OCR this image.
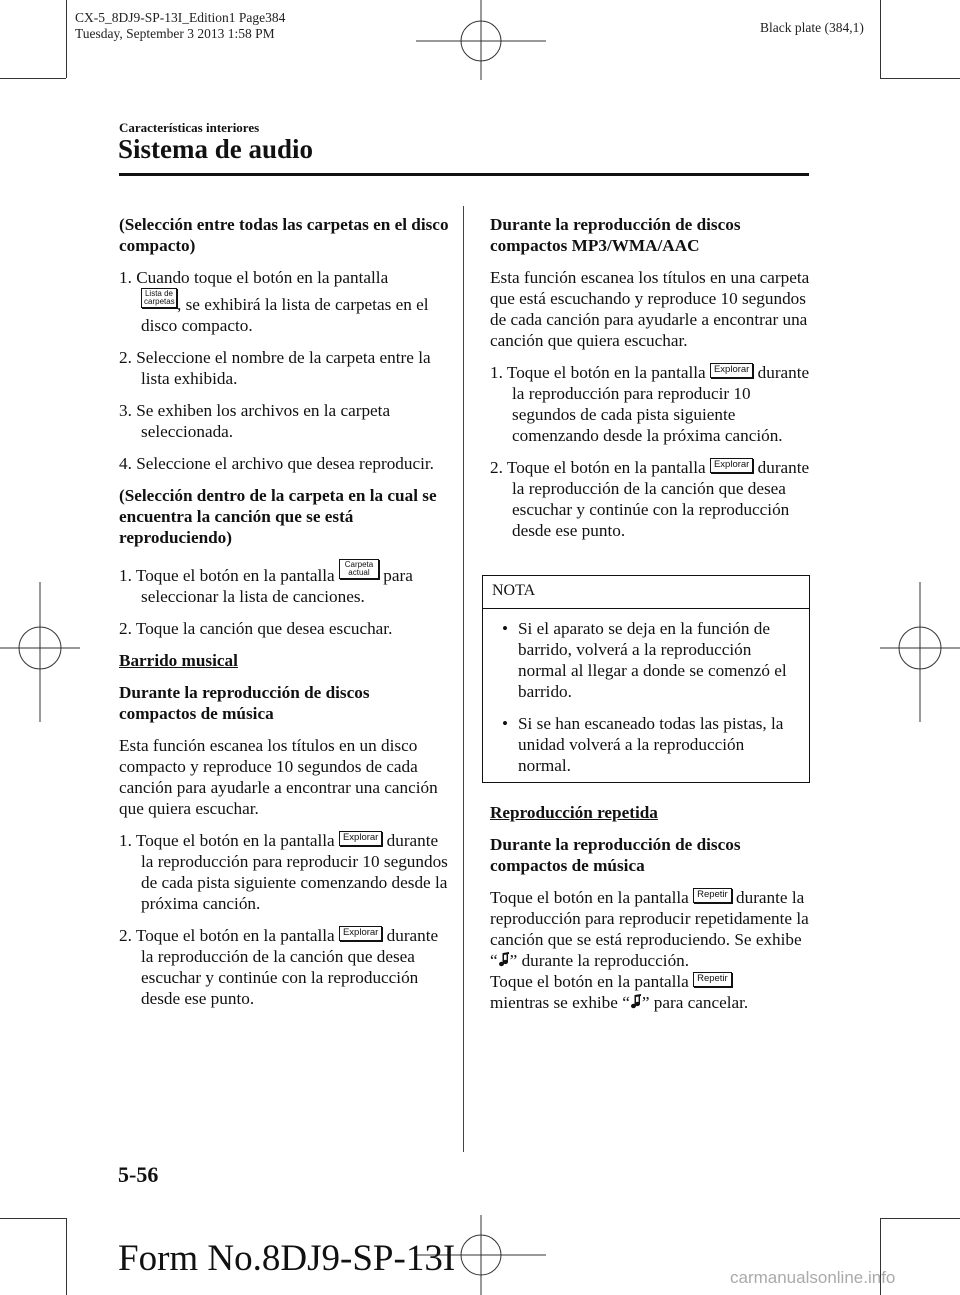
CX-5_8DJ9-SP-13I_Edition1 Page384
Tuesday, September 3 2013 1:58 PM	Black plate (384,1)
Características interiores
Sistema de audio

(Selección entre todas las carpetas en el disco compacto)

1. Cuando toque el botón en la pantalla
Lista de carpetas , se exhibirá la lista de carpetas en el disco compacto.

2. Seleccione el nombre de la carpeta entre la lista exhibida.

3. Se exhiben los archivos en la carpeta seleccionada.

4. Seleccione el archivo que desea reproducir.

(Selección dentro de la carpeta en la cual se encuentra la canción que se está reproduciendo)

1. Toque el botón en la pantalla Carpeta actual para seleccionar la lista de canciones.

2. Toque la canción que desea escuchar.

Barrido musical

Durante la reproducción de discos compactos de música

Esta función escanea los títulos en un disco compacto y reproduce 10 segundos de cada canción para ayudarle a encontrar una canción que quiera escuchar.

1. Toque el botón en la pantalla Explorar durante la reproducción para reproducir 10 segundos de cada pista siguiente comenzando desde la próxima canción.

2. Toque el botón en la pantalla Explorar durante la reproducción de la canción que desea escuchar y continúe con la reproducción desde ese punto.

Durante la reproducción de discos compactos MP3/WMA/AAC

Esta función escanea los títulos en una carpeta que está escuchando y reproduce 10 segundos de cada canción para ayudarle a encontrar una canción que quiera escuchar.

1. Toque el botón en la pantalla Explorar durante la reproducción para reproducir 10 segundos de cada pista siguiente comenzando desde la próxima canción.

2. Toque el botón en la pantalla Explorar durante la reproducción de la canción que desea escuchar y continúe con la reproducción desde ese punto.

NOTA

• Si el aparato se deja en la función de barrido, volverá a la reproducción normal al llegar a donde se comenzó el barrido.

• Si se han escaneado todas las pistas, la unidad volverá a la reproducción normal.

Reproducción repetida

Durante la reproducción de discos compactos de música

Toque el botón en la pantalla Repetir durante la reproducción para reproducir repetidamente la canción que se está reproduciendo. Se exhibe “ ” durante la reproducción.
Toque el botón en la pantalla Repetir
mientras se exhibe “ ” para cancelar.

5-56
Form No.8DJ9-SP-13I	carmanualsonline.info
